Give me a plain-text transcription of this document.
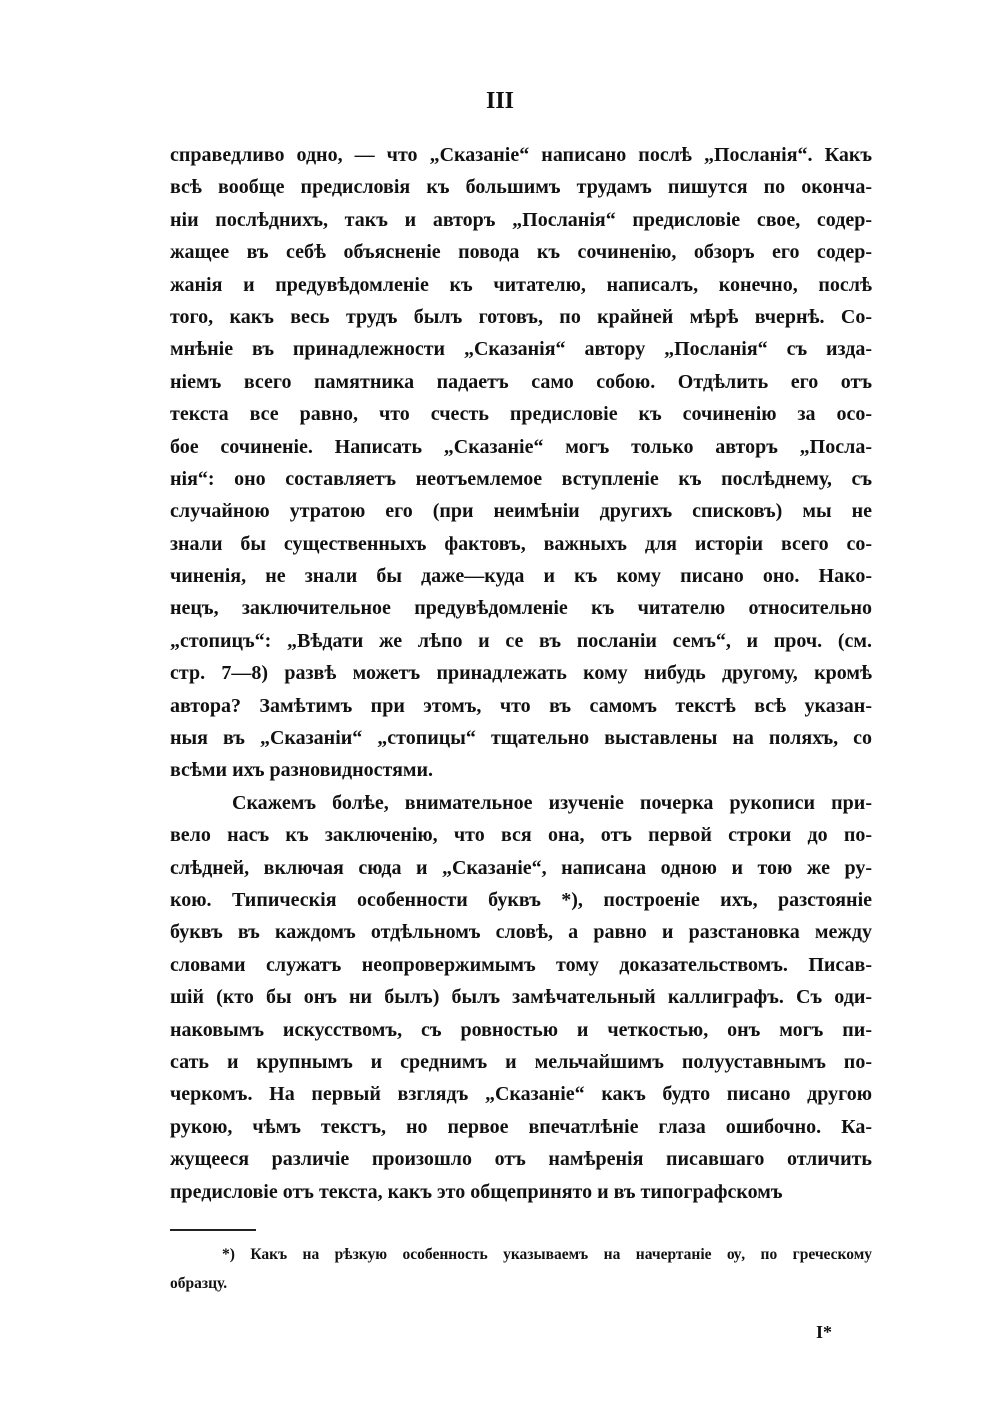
III
справедливо одно, — что „Сказаніе“ написано послѣ „Посланія“. Какъ
всѣ вообще предисловія къ большимъ трудамъ пишутся по оконча-
ніи послѣднихъ, такъ и авторъ „Посланія“ предисловіе свое, содер-
жащее въ себѣ объясненіе повода къ сочиненію, обзоръ его содер-
жанія и предувѣдомленіе къ читателю, написалъ, конечно, послѣ
того, какъ весь трудъ былъ готовъ, по крайней мѣрѣ вчернѣ. Со-
мнѣніе въ принадлежности „Сказанія“ автору „Посланія“ съ изда-
ніемъ всего памятника падаетъ само собою. Отдѣлить его отъ
текста все равно, что счесть предисловіе къ сочиненію за осо-
бое сочиненіе. Написать „Сказаніе“ могъ только авторъ „Посла-
нія“: оно составляетъ неотъемлемое вступленіе къ послѣднему, съ
случайною утратою его (при неимѣніи другихъ списковъ) мы не
знали бы существенныхъ фактовъ, важныхъ для исторіи всего со-
чиненія, не знали бы даже—куда и къ кому писано оно. Нако-
нецъ, заключительное предувѣдомленіе къ читателю относительно
„стопицъ“: „Вѣдати же лѣпо и се въ посланіи семъ“, и проч. (см.
стр. 7—8) развѣ можетъ принадлежать кому нибудь другому, кромѣ
автора? Замѣтимъ при этомъ, что въ самомъ текстѣ всѣ указан-
ныя въ „Сказаніи“ „стопицы“ тщательно выставлены на поляхъ, со
всѣми ихъ разновидностями.
Скажемъ болѣе, внимательное изученіе почерка рукописи при-
вело насъ къ заключенію, что вся она, отъ первой строки до по-
слѣдней, включая сюда и „Сказаніе“, написана одною и тою же ру-
кою. Типическія особенности буквъ *), построеніе ихъ, разстояніе
буквъ въ каждомъ отдѣльномъ словѣ, а равно и разстановка между
словами служатъ неопровержимымъ тому доказательствомъ. Писав-
шій (кто бы онъ ни былъ) былъ замѣчательный каллиграфъ. Съ оди-
наковымъ искусствомъ, съ ровностью и четкостью, онъ могъ пи-
сать и крупнымъ и среднимъ и мельчайшимъ полууставнымъ по-
черкомъ. На первый взглядъ „Сказаніе“ какъ будто писано другою
рукою, чѣмъ текстъ, но первое впечатлѣніе глаза ошибочно. Ка-
жущееся различіе произошло отъ намѣренія писавшаго отличить
предисловіе отъ текста, какъ это общепринято и въ типографскомъ
*) Какъ на рѣзкую особенность указываемъ на начертаніе ѹ, по греческому
образцу.
I*
